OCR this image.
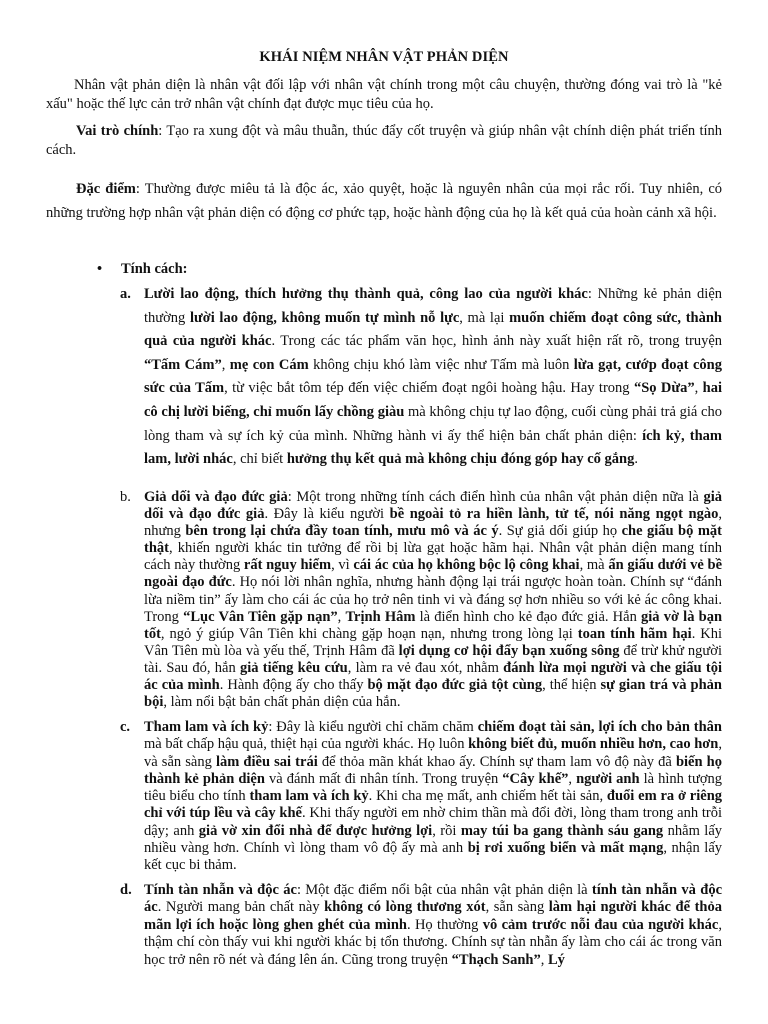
KHÁI NIỆM NHÂN VẬT PHẢN DIỆN

Nhân vật phản diện là nhân vật đối lập với nhân vật chính trong một câu chuyện, thường đóng vai trò là "kẻ xấu" hoặc thế lực cản trở nhân vật chính đạt được mục tiêu của họ.

Vai trò chính: Tạo ra xung đột và mâu thuẫn, thúc đẩy cốt truyện và giúp nhân vật chính diện phát triển tính cách.

Đặc điểm: Thường được miêu tả là độc ác, xảo quyệt, hoặc là nguyên nhân của mọi rắc rối. Tuy nhiên, có những trường hợp nhân vật phản diện có động cơ phức tạp, hoặc hành động của họ là kết quả của hoàn cảnh xã hội.

• Tính cách:
a. Lười lao động, thích hưởng thụ thành quả, công lao của người khác: Những kẻ phản diện thường lười lao động, không muốn tự mình nỗ lực, mà lại muốn chiếm đoạt công sức, thành quả của người khác. Trong các tác phẩm văn học, hình ảnh này xuất hiện rất rõ, trong truyện “Tấm Cám”, mẹ con Cám không chịu khó làm việc như Tấm mà luôn lừa gạt, cướp đoạt công sức của Tấm, từ việc bắt tôm tép đến việc chiếm đoạt ngôi hoàng hậu. Hay trong “Sọ Dừa”, hai cô chị lười biếng, chỉ muốn lấy chồng giàu mà không chịu tự lao động, cuối cùng phải trả giá cho lòng tham và sự ích kỷ của mình. Những hành vi ấy thể hiện bản chất phản diện: ích kỷ, tham lam, lười nhác, chỉ biết hưởng thụ kết quả mà không chịu đóng góp hay cố gắng.
b. Giả dối và đạo đức giả: Một trong những tính cách điển hình của nhân vật phản diện nữa là giả dối và đạo đức giả. Đây là kiểu người bề ngoài tỏ ra hiền lành, tử tế, nói năng ngọt ngào, nhưng bên trong lại chứa đầy toan tính, mưu mô và ác ý. Sự giả dối giúp họ che giấu bộ mặt thật, khiến người khác tin tưởng để rồi bị lừa gạt hoặc hãm hại. Nhân vật phản diện mang tính cách này thường rất nguy hiểm, vì cái ác của họ không bộc lộ công khai, mà ẩn giấu dưới vẻ bề ngoài đạo đức. Họ nói lời nhân nghĩa, nhưng hành động lại trái ngược hoàn toàn. Chính sự “đánh lừa niềm tin” ấy làm cho cái ác của họ trở nên tinh vi và đáng sợ hơn nhiều so với kẻ ác công khai. Trong “Lục Vân Tiên gặp nạn”, Trịnh Hâm là điển hình cho kẻ đạo đức giả. Hắn giả vờ là bạn tốt, ngỏ ý giúp Vân Tiên khi chàng gặp hoạn nạn, nhưng trong lòng lại toan tính hãm hại. Khi Vân Tiên mù lòa và yếu thế, Trịnh Hâm đã lợi dụng cơ hội đẩy bạn xuống sông để trừ khử người tài. Sau đó, hắn giả tiếng kêu cứu, làm ra vẻ đau xót, nhằm đánh lừa mọi người và che giấu tội ác của mình. Hành động ấy cho thấy bộ mặt đạo đức giả tột cùng, thể hiện sự gian trá và phản bội, làm nổi bật bản chất phản diện của hắn.
c. Tham lam và ích kỷ: Đây là kiểu người chỉ chăm chăm chiếm đoạt tài sản, lợi ích cho bản thân mà bất chấp hậu quả, thiệt hại của người khác. Họ luôn không biết đủ, muốn nhiều hơn, cao hơn, và sẵn sàng làm điều sai trái để thỏa mãn khát khao ấy. Chính sự tham lam vô độ này đã biến họ thành kẻ phản diện và đánh mất đi nhân tính. Trong truyện “Cây khế”, người anh là hình tượng tiêu biểu cho tính tham lam và ích kỷ. Khi cha mẹ mất, anh chiếm hết tài sản, đuổi em ra ở riêng chỉ với túp lều và cây khế. Khi thấy người em nhờ chim thần mà đổi đời, lòng tham trong anh trỗi dậy; anh giả vờ xin đổi nhà để được hưởng lợi, rồi may túi ba gang thành sáu gang nhằm lấy nhiều vàng hơn. Chính vì lòng tham vô độ ấy mà anh bị rơi xuống biển và mất mạng, nhận lấy kết cục bi thảm.
d. Tính tàn nhẫn và độc ác: Một đặc điểm nổi bật của nhân vật phản diện là tính tàn nhẫn và độc ác. Người mang bản chất này không có lòng thương xót, sẵn sàng làm hại người khác để thỏa mãn lợi ích hoặc lòng ghen ghét của mình. Họ thường vô cảm trước nỗi đau của người khác, thậm chí còn thấy vui khi người khác bị tổn thương. Chính sự tàn nhẫn ấy làm cho cái ác trong văn học trở nên rõ nét và đáng lên án. Cũng trong truyện “Thạch Sanh”, Lý
